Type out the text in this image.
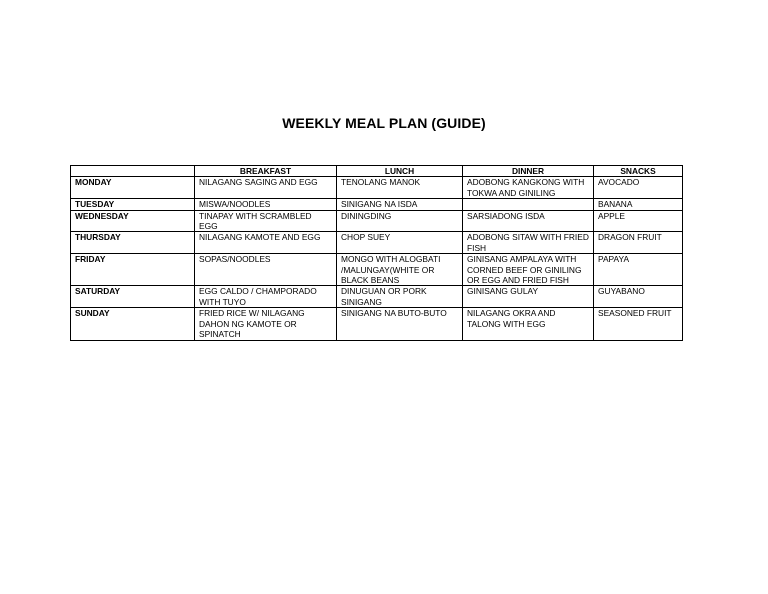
WEEKLY MEAL PLAN (GUIDE)
	BREAKFAST	LUNCH	DINNER	SNACKS
MONDAY	NILAGANG SAGING AND EGG	TENOLANG MANOK	ADOBONG KANGKONG WITH TOKWA AND GINILING	AVOCADO
TUESDAY	MISWA/NOODLES	SINIGANG NA ISDA		BANANA
WEDNESDAY	TINAPAY WITH SCRAMBLED EGG	DININGDING	SARSIADONG ISDA	APPLE
THURSDAY	NILAGANG KAMOTE AND EGG	CHOP SUEY	ADOBONG SITAW WITH FRIED FISH	DRAGON FRUIT
FRIDAY	SOPAS/NOODLES	MONGO WITH ALOGBATI /MALUNGAY(WHITE OR BLACK BEANS	GINISANG AMPALAYA WITH CORNED BEEF OR GINILING OR EGG AND FRIED FISH	PAPAYA
SATURDAY	EGG CALDO / CHAMPORADO WITH TUYO	DINUGUAN OR PORK SINIGANG	GINISANG GULAY	GUYABANO
SUNDAY	FRIED RICE W/ NILAGANG DAHON NG KAMOTE OR SPINATCH	SINIGANG NA BUTO-BUTO	NILAGANG OKRA AND TALONG WITH EGG	SEASONED FRUIT
